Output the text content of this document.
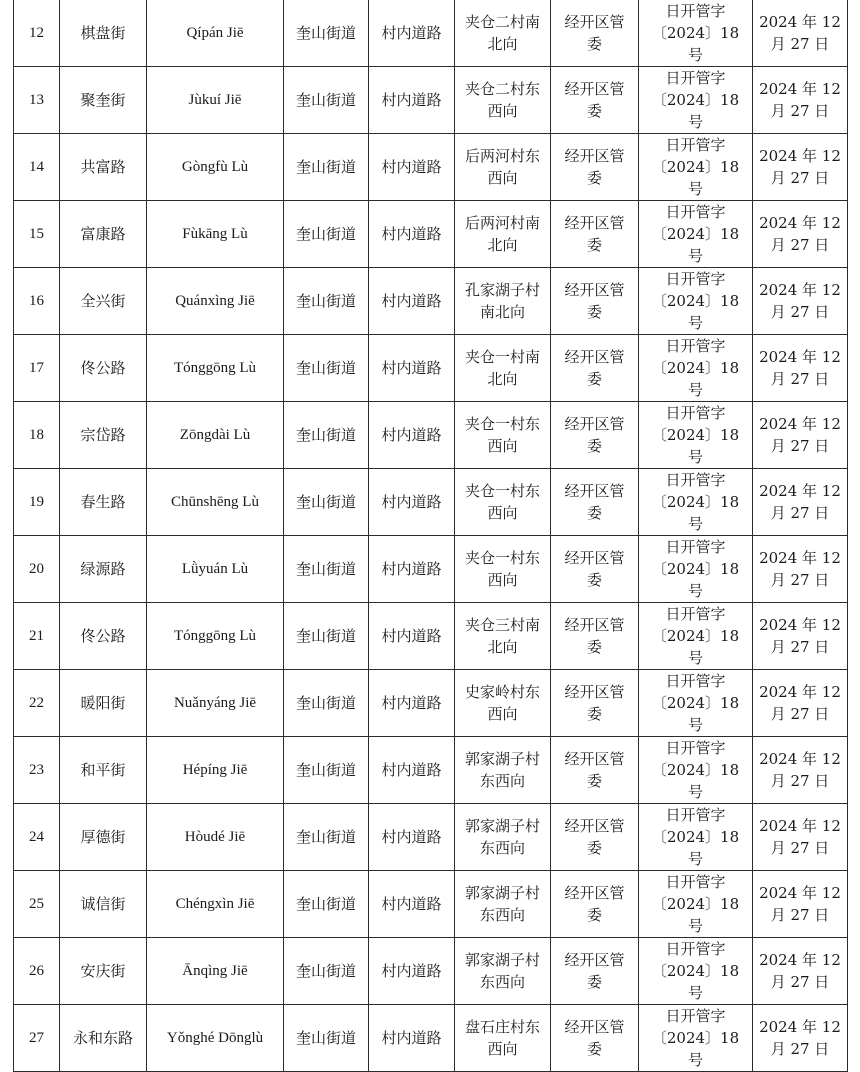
12	棋盘街	Qípán Jiē	奎山街道	村内道路	夹仓二村南
北向	经开区管
委	日开管字
〔2024〕18 号	2024 年 12
月 27 日
13	聚奎街	Jùkuí Jiē	奎山街道	村内道路	夹仓二村东
西向	经开区管
委	日开管字
〔2024〕18 号	2024 年 12
月 27 日
14	共富路	Gòngfù Lù	奎山街道	村内道路	后两河村东
西向	经开区管
委	日开管字
〔2024〕18 号	2024 年 12
月 27 日
15	富康路	Fùkāng Lù	奎山街道	村内道路	后两河村南
北向	经开区管
委	日开管字
〔2024〕18 号	2024 年 12
月 27 日
16	全兴街	Quánxìng Jiē	奎山街道	村内道路	孔家湖子村
南北向	经开区管
委	日开管字
〔2024〕18 号	2024 年 12
月 27 日
17	佟公路	Tónggōng Lù	奎山街道	村内道路	夹仓一村南
北向	经开区管
委	日开管字
〔2024〕18 号	2024 年 12
月 27 日
18	宗岱路	Zōngdài Lù	奎山街道	村内道路	夹仓一村东
西向	经开区管
委	日开管字
〔2024〕18 号	2024 年 12
月 27 日
19	春生路	Chūnshēng Lù	奎山街道	村内道路	夹仓一村东
西向	经开区管
委	日开管字
〔2024〕18 号	2024 年 12
月 27 日
20	绿源路	Lǜyuán Lù	奎山街道	村内道路	夹仓一村东
西向	经开区管
委	日开管字
〔2024〕18 号	2024 年 12
月 27 日
21	佟公路	Tónggōng Lù	奎山街道	村内道路	夹仓三村南
北向	经开区管
委	日开管字
〔2024〕18 号	2024 年 12
月 27 日
22	暖阳街	Nuǎnyáng Jiē	奎山街道	村内道路	史家岭村东
西向	经开区管
委	日开管字
〔2024〕18 号	2024 年 12
月 27 日
23	和平街	Hépíng Jiē	奎山街道	村内道路	郭家湖子村
东西向	经开区管
委	日开管字
〔2024〕18 号	2024 年 12
月 27 日
24	厚德街	Hòudé Jiē	奎山街道	村内道路	郭家湖子村
东西向	经开区管
委	日开管字
〔2024〕18 号	2024 年 12
月 27 日
25	诚信街	Chéngxìn Jiē	奎山街道	村内道路	郭家湖子村
东西向	经开区管
委	日开管字
〔2024〕18 号	2024 年 12
月 27 日
26	安庆街	Ānqìng Jiē	奎山街道	村内道路	郭家湖子村
东西向	经开区管
委	日开管字
〔2024〕18 号	2024 年 12
月 27 日
27	永和东路	Yǒnghé Dōnglù	奎山街道	村内道路	盘石庄村东
西向	经开区管
委	日开管字
〔2024〕18 号	2024 年 12
月 27 日
